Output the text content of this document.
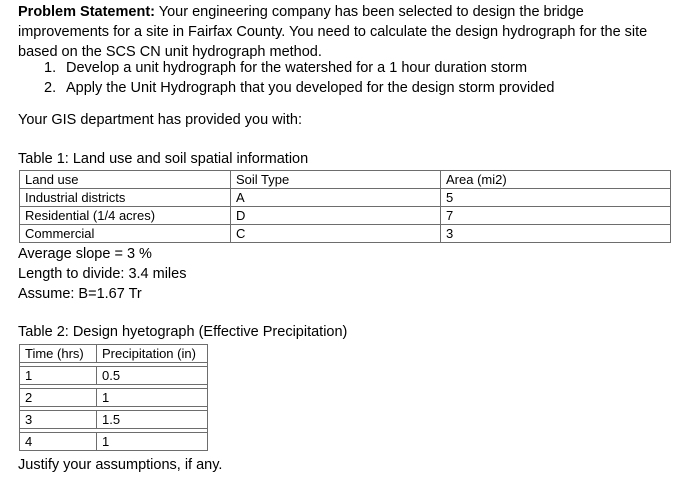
Problem Statement: Your engineering company has been selected to design the bridge improvements for a site in Fairfax County. You need to calculate the design hydrograph for the site based on the SCS CN unit hydrograph method.
1. Develop a unit hydrograph for the watershed for a 1 hour duration storm
2. Apply the Unit Hydrograph that you developed for the design storm provided
Your GIS department has provided you with:
Table 1: Land use and soil spatial information
Land use	Soil Type	Area (mi2)
Industrial districts	A	5
Residential (1/4 acres)	D	7
Commercial	C	3
Average slope = 3 %
Length to divide: 3.4 miles
Assume: B=1.67 Tr
Table 2: Design hyetograph (Effective Precipitation)
Time (hrs)	Precipitation (in)

1	0.5

2	1

3	1.5

4	1
Justify your assumptions, if any.
